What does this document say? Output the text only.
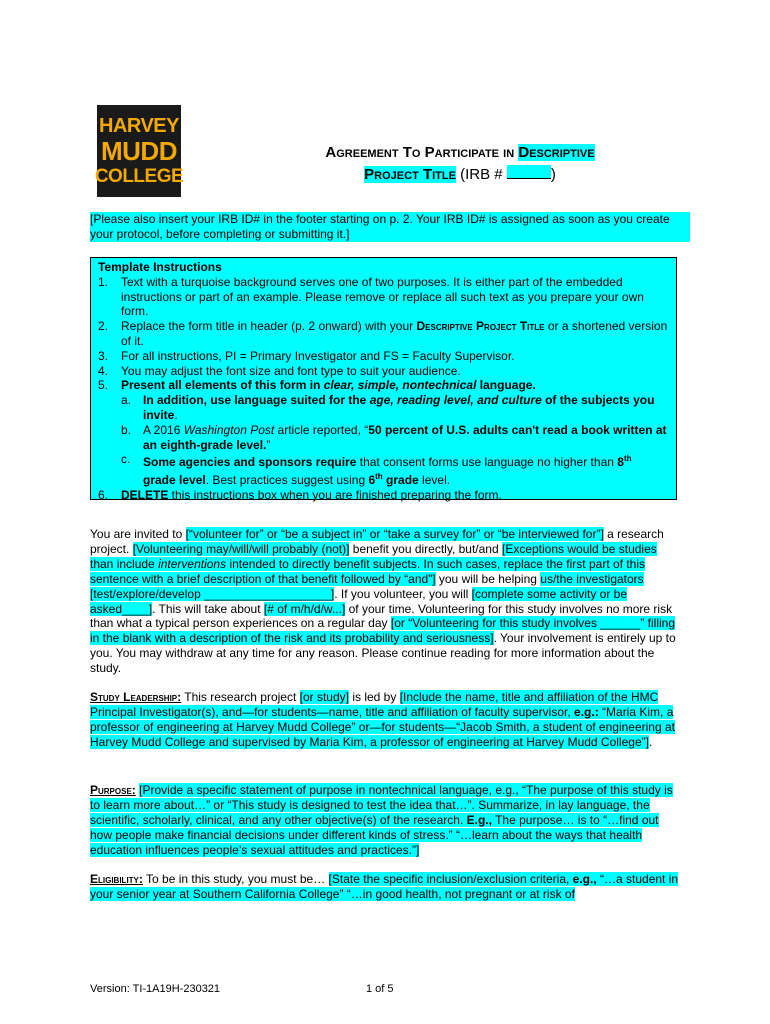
HARVEY
MUDD
COLLEGE
Agreement To Participate in Descriptive
Project Title (IRB #	)
[Please also insert your IRB ID# in the footer starting on p. 2. Your IRB ID# is assigned as soon as you create your protocol, before completing or submitting it.]
Template Instructions
1.	Text with a turquoise background serves one of two purposes. It is either part of the embedded instructions or part of an example. Please remove or replace all such text as you prepare your own form.
2.	Replace the form title in header (p. 2 onward) with your Descriptive Project Title or a shortened version of it.
3.	For all instructions, PI = Primary Investigator and FS = Faculty Supervisor.
4.	You may adjust the font size and font type to suit your audience.
5.	Present all elements of this form in clear, simple, nontechnical language.
a. In addition, use language suited for the age, reading level, and culture of the subjects you invite.
b. A 2016 Washington Post article reported, “50 percent of U.S. adults can't read a book written at an eighth-grade level.”
c.	Some agencies and sponsors require that consent forms use language no higher than 8th
grade level. Best practices suggest using 6th grade level.
6.	DELETE this instructions box when you are finished preparing the form.
You are invited to [“volunteer for” or “be a subject in” or “take a survey for” or “be interviewed for”] a research project. [Volunteering may/will/will probably (not)] benefit you directly, but/and [Exceptions would be studies than include interventions intended to directly benefit subjects. In such cases, replace the first part of this sentence with a brief description of that benefit followed by “and”] you will be helping us/the investigators [test/explore/develop ___________________]. If you volunteer, you will [complete some activity or be asked____]. This will take about [# of m/h/d/w...] of your time. Volunteering for this study involves no more risk than what a typical person experiences on a regular day [or “Volunteering for this study involves ______” filling in the blank with a description of the risk and its probability and seriousness]. Your involvement is entirely up to you. You may withdraw at any time for any reason. Please continue reading for more information about the study.
Study Leadership: This research project [or study] is led by [Include the name, title and affiliation of the HMC Principal Investigator(s), and—for students—name, title and affiliation of faculty supervisor, e.g.: “Maria Kim, a professor of engineering at Harvey Mudd College” or—for students—“Jacob Smith, a student of engineering at Harvey Mudd College and supervised by Maria Kim, a professor of engineering at Harvey Mudd College”].
Purpose: [Provide a specific statement of purpose in nontechnical language, e.g., “The purpose of this study is to learn more about…” or “This study is designed to test the idea that…”. Summarize, in lay language, the scientific, scholarly, clinical, and any other objective(s) of the research. E.g., The purpose… is to “…find out how people make financial decisions under different kinds of stress.” “…learn about the ways that health education influences people’s sexual attitudes and practices.”]
Eligibility: To be in this study, you must be… [State the specific inclusion/exclusion criteria, e.g., “…a student in your senior year at Southern California College” “…in good health, not pregnant or at risk of
Version: TI-1A19H-230321	1 of 5
